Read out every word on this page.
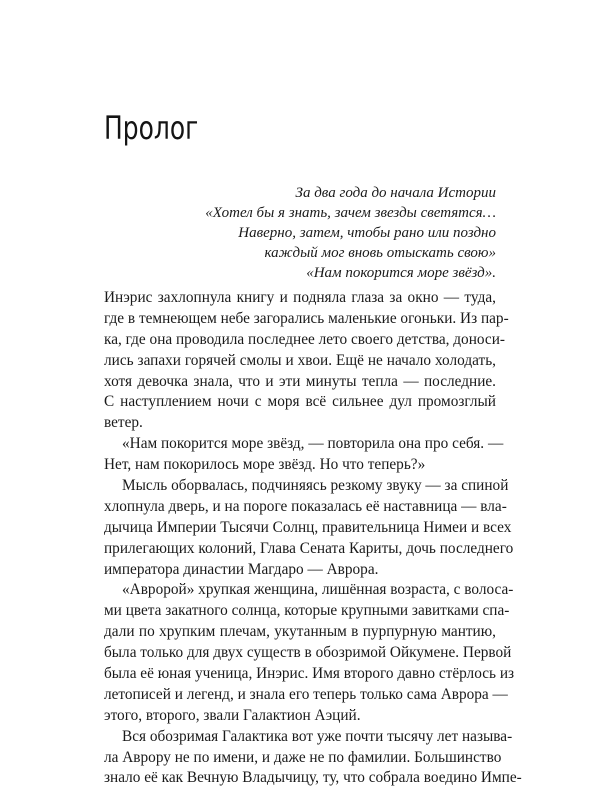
Пролог
За два года до начала Истории
«Хотел бы я знать, зачем звезды светятся…
Наверно, затем, чтобы рано или поздно
каждый мог вновь отыскать свою»
«Нам покорится море звёзд».
Инэрис захлопнула книгу и подняла глаза за окно — туда,
где в темнеющем небе загорались маленькие огоньки. Из пар-
ка, где она проводила последнее лето своего детства, доноси-
лись запахи горячей смолы и хвои. Ещё не начало холодать,
хотя девочка знала, что и эти минуты тепла — последние.
С наступлением ночи с моря всё сильнее дул промозглый
ветер.
«Нам покорится море звёзд, — повторила она про себя. —
Нет, нам покорилось море звёзд. Но что теперь?»
Мысль оборвалась, подчиняясь резкому звуку — за спиной
хлопнула дверь, и на пороге показалась её наставница — вла-
дычица Империи Тысячи Солнц, правительница Нимеи и всех
прилегающих колоний, Глава Сената Кариты, дочь последнего
императора династии Магдаро — Аврора.
«Авророй» хрупкая женщина, лишённая возраста, с волоса-
ми цвета закатного солнца, которые крупными завитками спа-
дали по хрупким плечам, укутанным в пурпурную мантию,
была только для двух существ в обозримой Ойкумене. Первой
была её юная ученица, Инэрис. Имя второго давно стёрлось из
летописей и легенд, и знала его теперь только сама Аврора —
этого, второго, звали Галактион Аэций.
Вся обозримая Галактика вот уже почти тысячу лет называ-
ла Аврору не по имени, и даже не по фамилии. Большинство
знало её как Вечную Владычицу, ту, что собрала воедино Импе-
